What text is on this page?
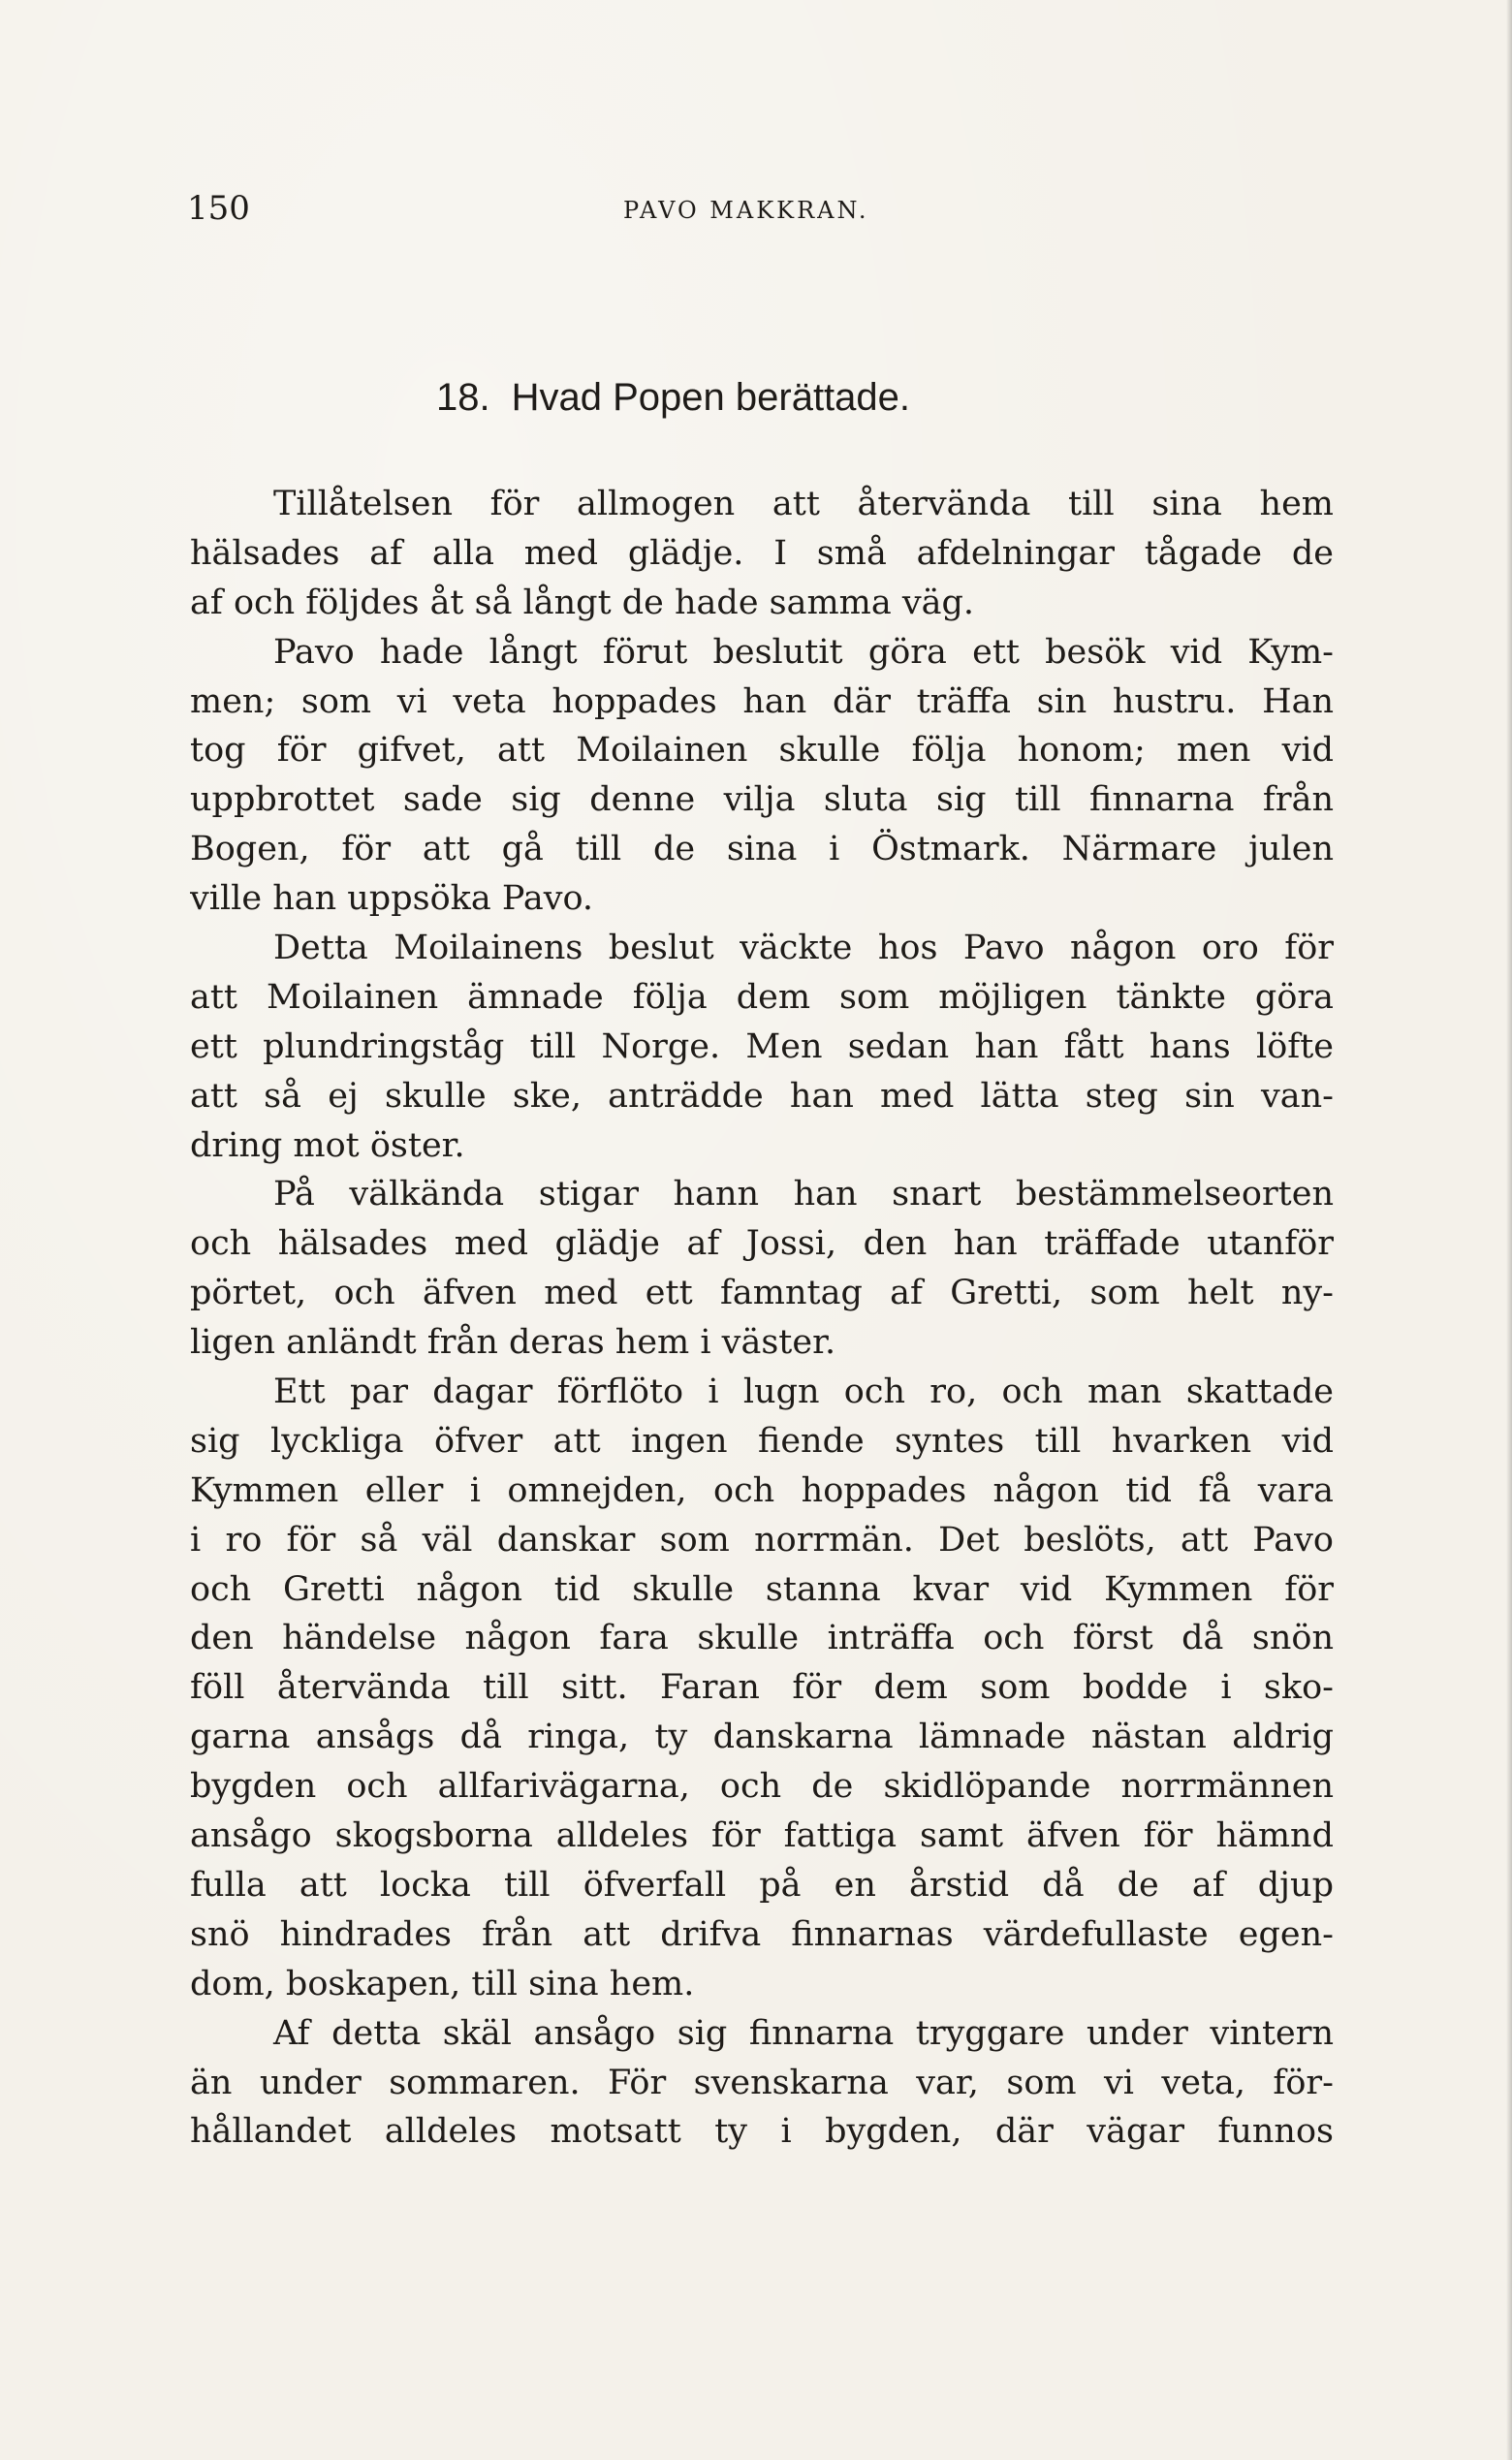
150	PAVO MAKKRAN.
18. Hvad Popen berättade.
Tillåtelsen för allmogen att återvända till sina hem
hälsades af alla med glädje. I små afdelningar tågade de
af och följdes åt så långt de hade samma väg.
Pavo hade långt förut beslutit göra ett besök vid Kym-
men; som vi veta hoppades han där träffa sin hustru. Han
tog för gifvet, att Moilainen skulle följa honom; men vid
uppbrottet sade sig denne vilja sluta sig till finnarna från
Bogen, för att gå till de sina i Östmark. Närmare julen
ville han uppsöka Pavo.
Detta Moilainens beslut väckte hos Pavo någon oro för
att Moilainen ämnade följa dem som möjligen tänkte göra
ett plundringståg till Norge. Men sedan han fått hans löfte
att så ej skulle ske, anträdde han med lätta steg sin van-
dring mot öster.
På välkända stigar hann han snart bestämmelseorten
och hälsades med glädje af Jossi, den han träffade utanför
pörtet, och äfven med ett famntag af Gretti, som helt ny-
ligen anländt från deras hem i väster.
Ett par dagar förflöto i lugn och ro, och man skattade
sig lyckliga öfver att ingen fiende syntes till hvarken vid
Kymmen eller i omnejden, och hoppades någon tid få vara
i ro för så väl danskar som norrmän. Det beslöts, att Pavo
och Gretti någon tid skulle stanna kvar vid Kymmen för
den händelse någon fara skulle inträffa och först då snön
föll återvända till sitt. Faran för dem som bodde i sko-
garna ansågs då ringa, ty danskarna lämnade nästan aldrig
bygden och allfarivägarna, och de skidlöpande norrmännen
ansågo skogsborna alldeles för fattiga samt äfven för hämnd
fulla att locka till öfverfall på en årstid då de af djup
snö hindrades från att drifva finnarnas värdefullaste egen-
dom, boskapen, till sina hem.
Af detta skäl ansågo sig finnarna tryggare under vintern
än under sommaren. För svenskarna var, som vi veta, för-
hållandet alldeles motsatt ty i bygden, där vägar funnos
